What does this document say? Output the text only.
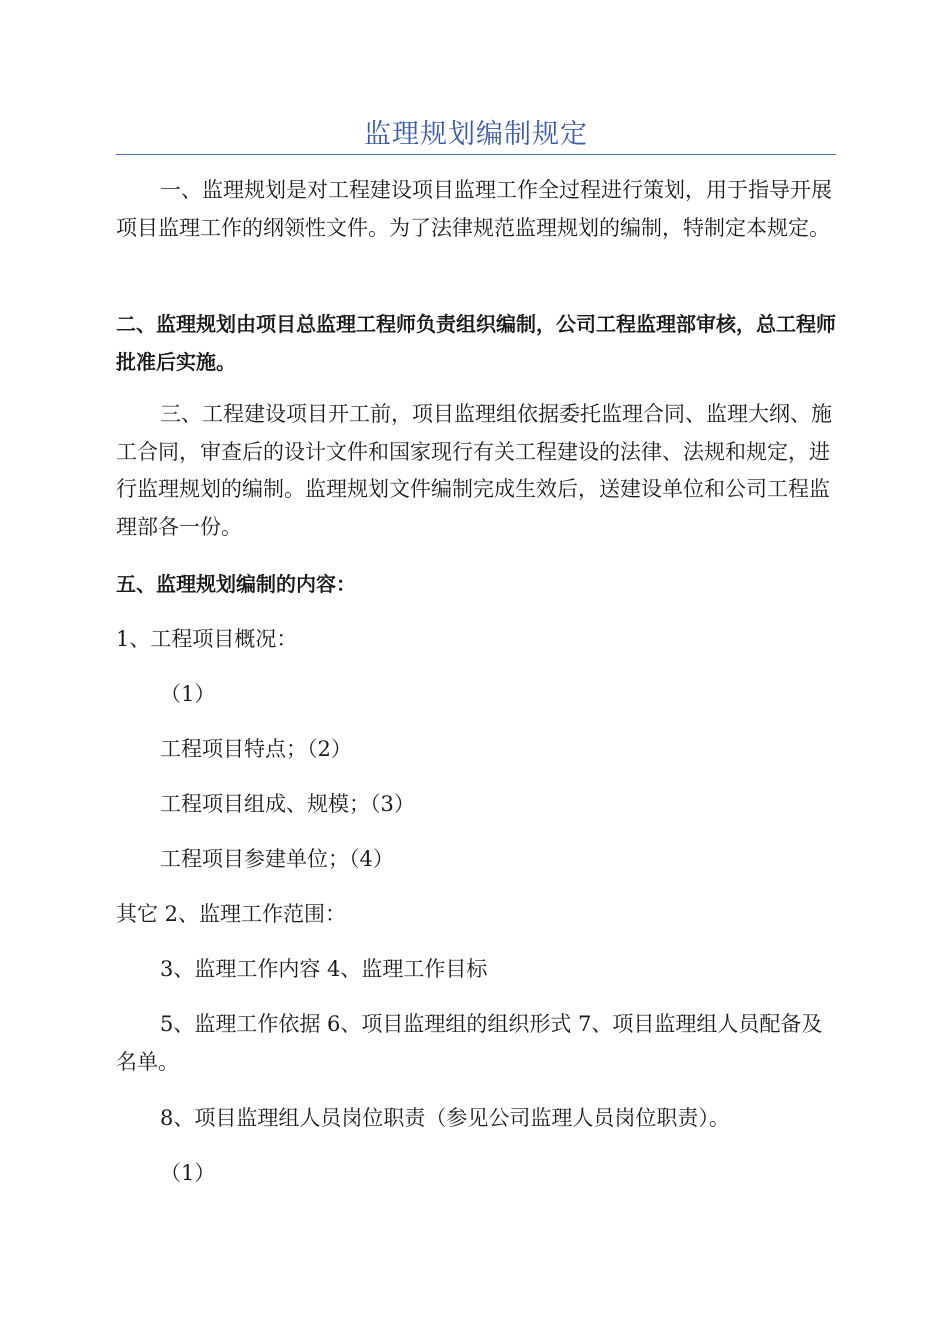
监理规划编制规定

一、监理规划是对工程建设项目监理工作全过程进行策划，用于指导开展项目监理工作的纲领性文件。为了法律规范监理规划的编制，特制定本规定。

二、监理规划由项目总监理工程师负责组织编制，公司工程监理部审核，总工程师批准后实施。

三、工程建设项目开工前，项目监理组依据委托监理合同、监理大纲、施工合同，审查后的设计文件和国家现行有关工程建设的法律、法规和规定，进行监理规划的编制。监理规划文件编制完成生效后，送建设单位和公司工程监理部各一份。

五、监理规划编制的内容：

1、工程项目概况：

（1）

工程项目特点；（2）

工程项目组成、规模；（3）

工程项目参建单位；（4）

其它 2、监理工作范围：

3、监理工作内容 4、监理工作目标

5、监理工作依据 6、项目监理组的组织形式 7、项目监理组人员配备及名单。

8、项目监理组人员岗位职责（参见公司监理人员岗位职责）。

（1）
